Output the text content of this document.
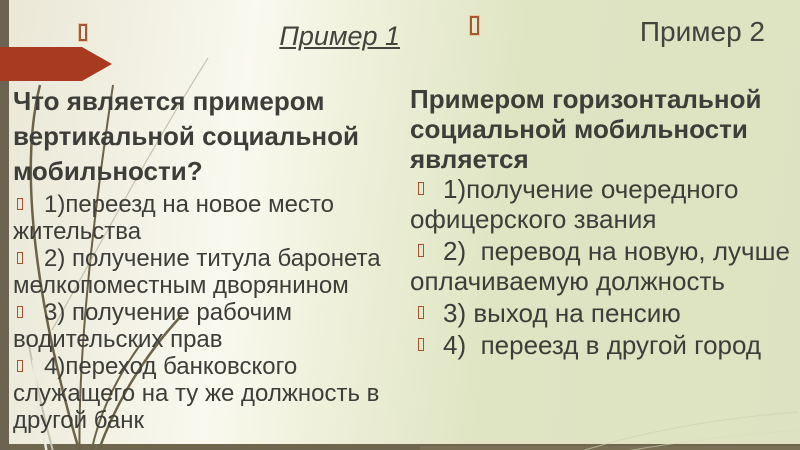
Пример 1	Пример 2
Что является примером вертикальной социальной мобильности?
1)переезд на новое место жительства
2) получение титула баронета мелкопоместным дворянином
3) получение рабочим водительских прав
4)переход банковского служащего на ту же должность в другой банк
Примером горизонтальной социальной мобильности является
1)получение очередного офицерского звания
2)  перевод на новую, лучше оплачиваемую должность
3) выход на пенсию
4)  переезд в другой город
